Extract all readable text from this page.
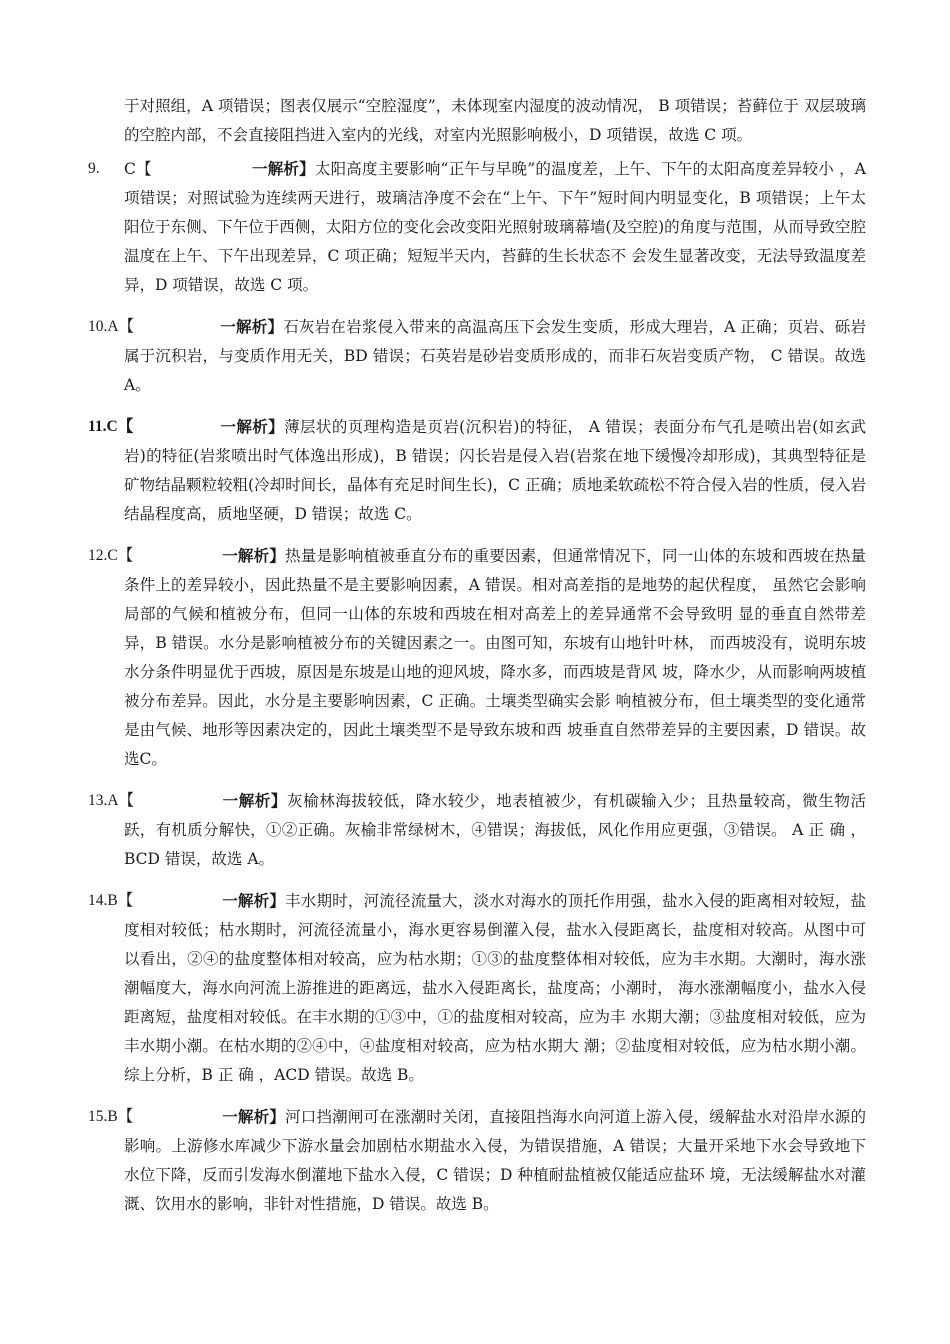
于对照组，A 项错误；图表仅展示“空腔湿度”，未体现室内湿度的波动情况， B 项错误；苔藓位于 双层玻璃的空腔内部，不会直接阻挡进入室内的光线，对室内光照影响极小，D 项错误，故选 C 项。
9. C【	一解析】太阳高度主要影响“正午与早晚”的温度差，上午、下午的太阳高度差异较小 ，A 项错误；对照试验为连续两天进行，玻璃洁净度不会在“上午、下午”短时间内明显变化，B 项错误；上午太阳位于东侧、下午位于西侧，太阳方位的变化会改变阳光照射玻璃幕墙(及空腔)的角度与范围，从而导致空腔温度在上午、下午出现差异，C 项正确；短短半天内，苔藓的生长状态不 会发生显著改变，无法导致温度差异，D 项错误，故选 C 项。
10.A【	一解析】石灰岩在岩浆侵入带来的高温高压下会发生变质，形成大理岩，A 正确；页岩、砾岩属于沉积岩，与变质作用无关，BD 错误；石英岩是砂岩变质形成的，而非石灰岩变质产物， C 错误。故选 A。
11.C【	一解析】薄层状的页理构造是页岩(沉积岩)的特征， A 错误；表面分布气孔是喷出岩(如玄武岩)的特征(岩浆喷出时气体逸出形成)，B 错误；闪长岩是侵入岩(岩浆在地下缓慢冷却形成)，其典型特征是矿物结晶颗粒较粗(冷却时间长，晶体有充足时间生长)，C 正确；质地柔软疏松不符合侵入岩的性质，侵入岩结晶程度高，质地坚硬，D 错误；故选 C。
12.C【	一解析】热量是影响植被垂直分布的重要因素，但通常情况下，同一山体的东坡和西坡在热量条件上的差异较小，因此热量不是主要影响因素，A 错误。相对高差指的是地势的起伏程度， 虽然它会影响局部的气候和植被分布，但同一山体的东坡和西坡在相对高差上的差异通常不会导致明 显的垂直自然带差异，B 错误。水分是影响植被分布的关键因素之一。由图可知，东坡有山地针叶林， 而西坡没有，说明东坡水分条件明显优于西坡，原因是东坡是山地的迎风坡，降水多，而西坡是背风 坡，降水少，从而影响两坡植被分布差异。因此，水分是主要影响因素，C 正确。土壤类型确实会影 响植被分布，但土壤类型的变化通常是由气候、地形等因素决定的，因此土壤类型不是导致东坡和西 坡垂直自然带差异的主要因素，D 错误。故选C。
13.A【	一解析】灰榆林海拔较低，降水较少，地表植被少，有机碳输入少；且热量较高，微生物活跃，有机质分解快，①②正确。灰榆非常绿树木，④错误；海拔低，风化作用应更强，③错误。 A 正 确 ，BCD 错误，故选 A。
14.B【	一解析】丰水期时，河流径流量大，淡水对海水的顶托作用强，盐水入侵的距离相对较短，盐度相对较低；枯水期时，河流径流量小，海水更容易倒灌入侵，盐水入侵距离长，盐度相对较高。从图中可以看出，②④的盐度整体相对较高，应为枯水期；①③的盐度整体相对较低，应为丰水期。大潮时，海水涨潮幅度大，海水向河流上游推进的距离远，盐水入侵距离长，盐度高；小潮时， 海水涨潮幅度小，盐水入侵距离短，盐度相对较低。在丰水期的①③中，①的盐度相对较高，应为丰 水期大潮；③盐度相对较低，应为丰水期小潮。在枯水期的②④中，④盐度相对较高，应为枯水期大 潮；②盐度相对较低，应为枯水期小潮。综上分析，B 正 确 ，ACD 错误。故选 B。
15.B【	一解析】河口挡潮闸可在涨潮时关闭，直接阻挡海水向河道上游入侵，缓解盐水对沿岸水源的影响。上游修水库减少下游水量会加剧枯水期盐水入侵，为错误措施，A 错误；大量开采地下水会导致地下水位下降，反而引发海水倒灌地下盐水入侵，C 错误；D 种植耐盐植被仅能适应盐环 境，无法缓解盐水对灌溉、饮用水的影响，非针对性措施，D 错误。故选 B。
